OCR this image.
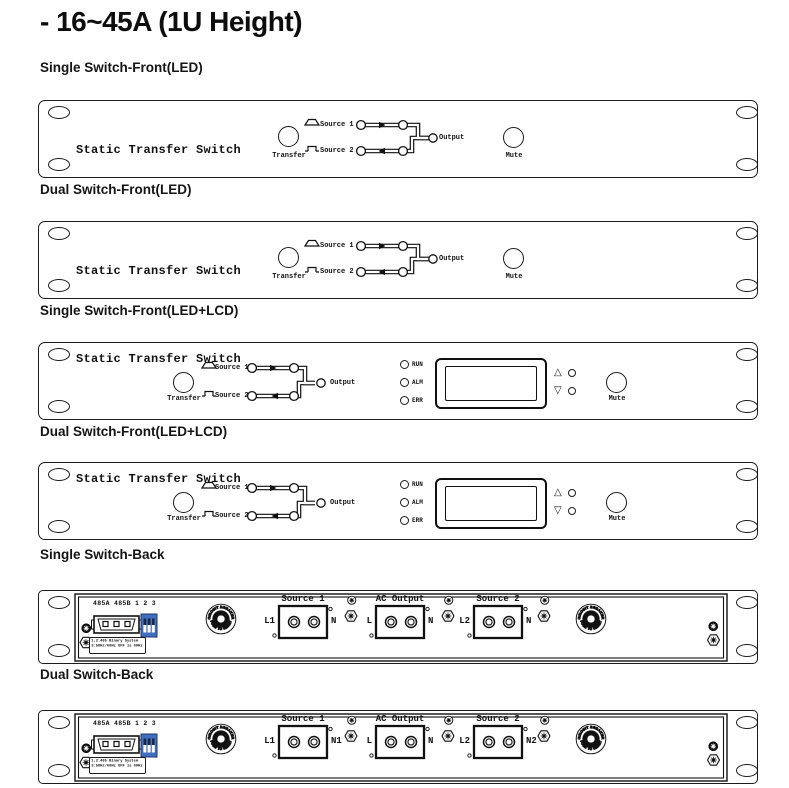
- 16~45A (1U Height)
Single Switch-Front(LED)
Dual Switch-Front(LED)
Single Switch-Front(LED+LCD)
Dual Switch-Front(LED+LCD)
Single Switch-Back
Dual Switch-Back
Static Transfer Switch	Transfer
Source 1
Source 2
Output
Mute
Static Transfer Switch	Transfer
Source 1
Source 2
Output
Mute
Static Transfer Switch
Transfer
Source 1
Source 2
Output
RUN
ALM
ERR
△
▽
Mute
Static Transfer Switch
Transfer
Source 1
Source 2
Output
RUN
ALM
ERR
△
▽
Mute
485A 485B 1 2 3
1,2:485 Binary System
3:50Hz/60Hz OFF is 60Hz
Source 1	AC Output	Source 2
L1	N	L	N	L2	N
485A 485B 1 2 3
1,2:485 Binary System
3:50Hz/60Hz OFF is 60Hz
Source 1	AC Output	Source 2
L1	N1	L	N	L2	N2
